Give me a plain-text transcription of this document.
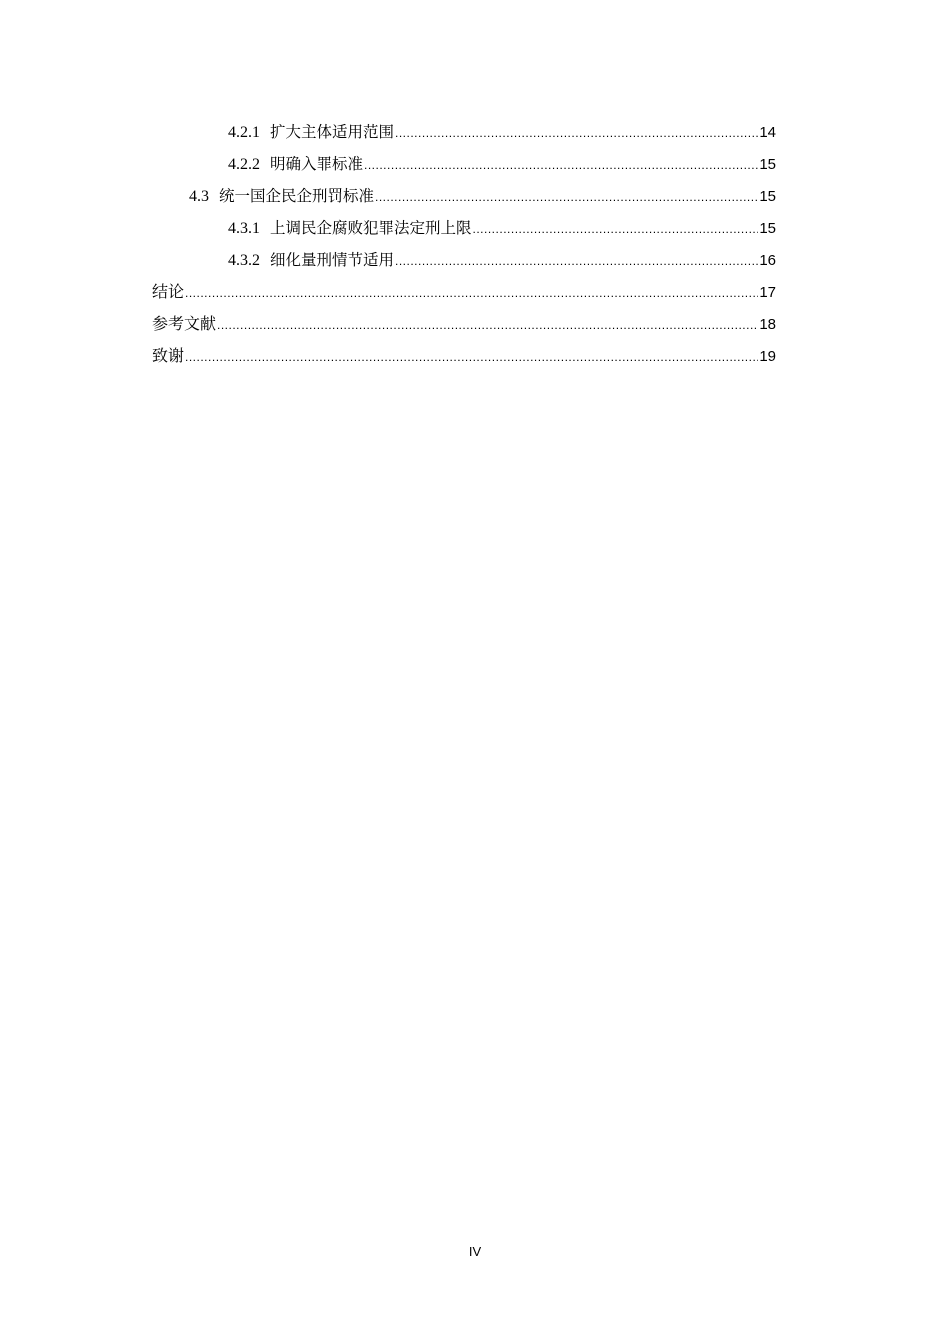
4.2.1 扩大主体适用范围 .....	14
4.2.2 明确入罪标准 .....	15
4.3 统一国企民企刑罚标准 .....	15
4.3.1 上调民企腐败犯罪法定刑上限 .....	15
4.3.2 细化量刑情节适用 .....	16
结论 .....	17
参考文献 .....	18
致谢 .....	19
IV
